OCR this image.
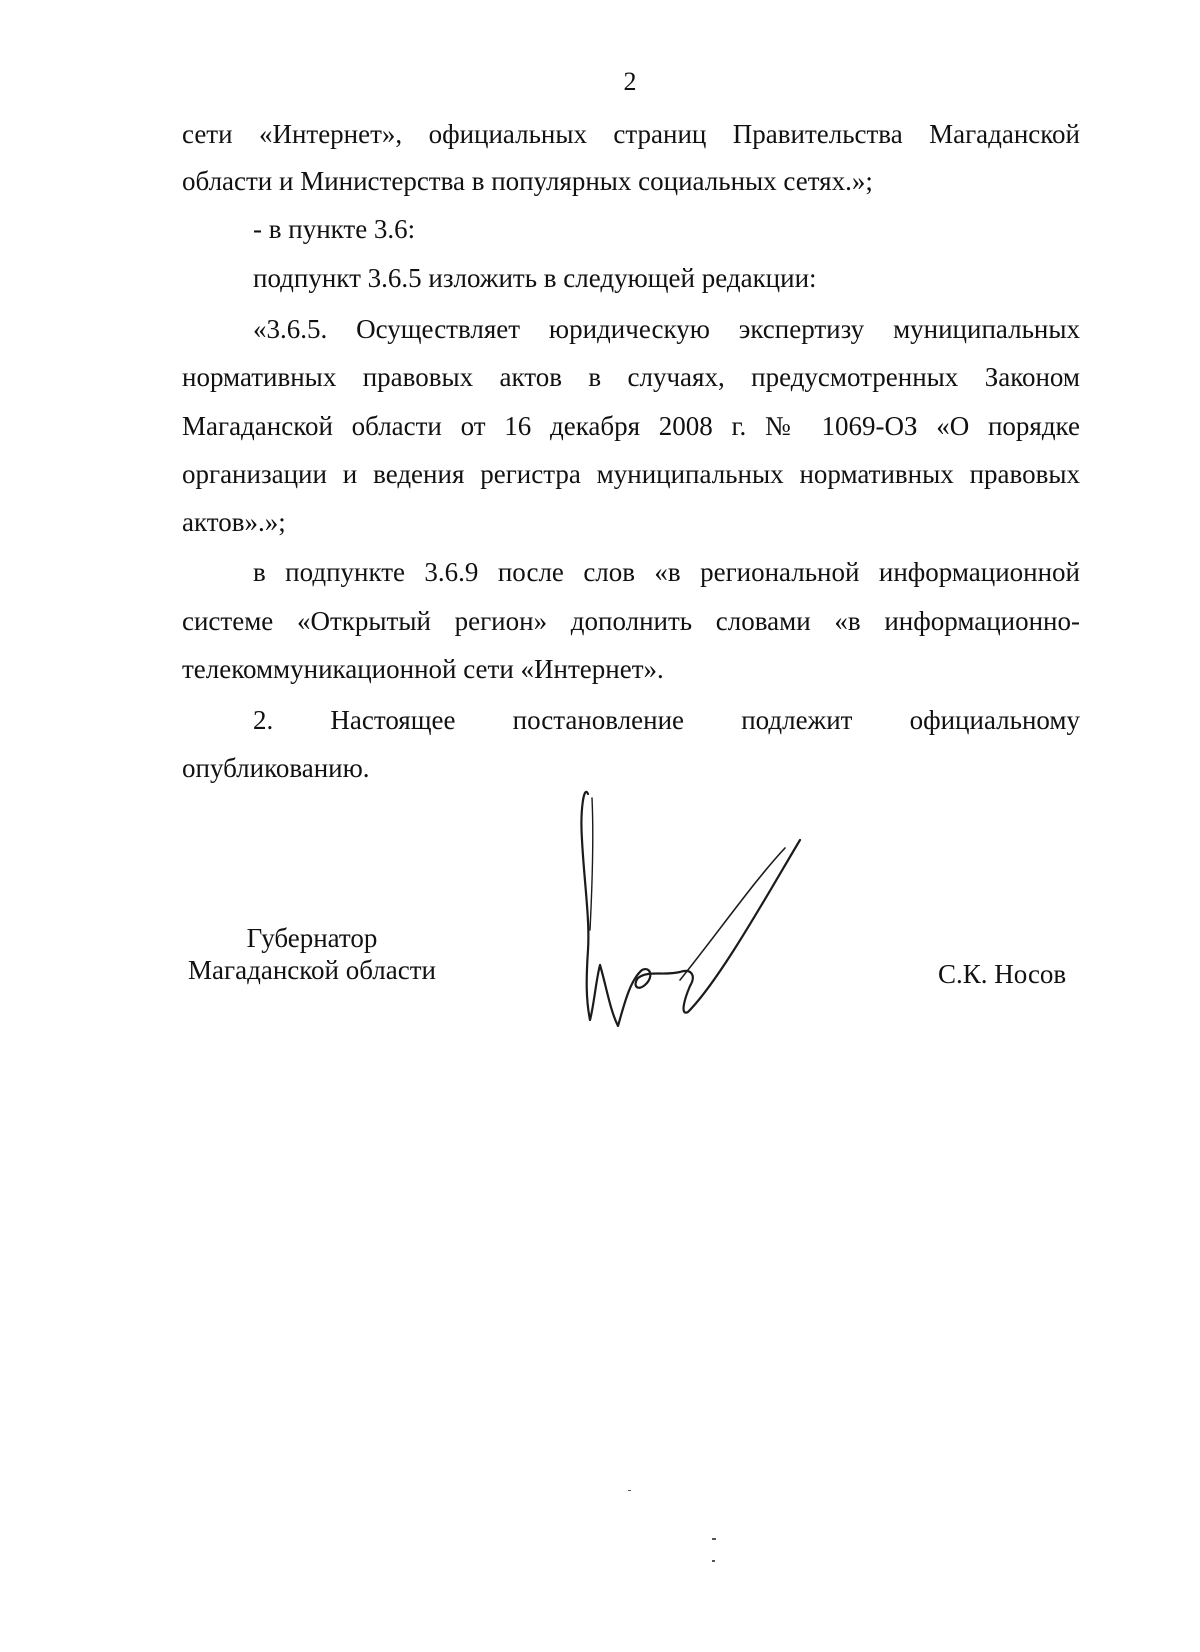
2
сети «Интернет», официальных страниц Правительства Магаданской
области и Министерства в популярных социальных сетях.»;
- в пункте 3.6:
подпункт 3.6.5 изложить в следующей редакции:
«3.6.5. Осуществляет юридическую экспертизу муниципальных
нормативных правовых актов в случаях, предусмотренных Законом
Магаданской области от 16 декабря 2008 г. № 1069-ОЗ «О порядке
организации и ведения регистра муниципальных нормативных правовых
актов».»;
в подпункте 3.6.9 после слов «в региональной информационной
системе «Открытый регион» дополнить словами «в информационно-
телекоммуникационной сети «Интернет».
2. Настоящее постановление подлежит официальному
опубликованию.
Губернатор
Магаданской области	С.К. Носов
